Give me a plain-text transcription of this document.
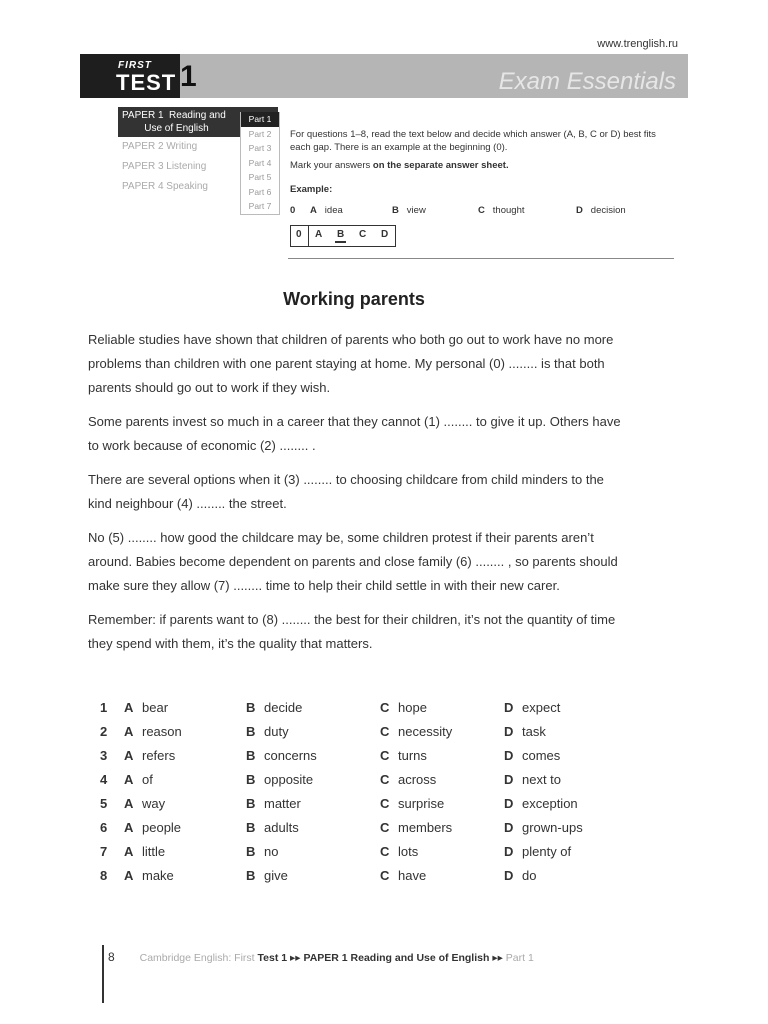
www.trenglish.ru
FIRST
TEST 1	Exam Essentials
PAPER 1  Reading and
Use of English
PAPER 2 Writing
PAPER 3 Listening
PAPER 4 Speaking
Part 1
Part 2
Part 3
Part 4
Part 5
Part 6
Part 7

For questions 1–8, read the text below and decide which answer (A, B, C or D) best fits each gap. There is an example at the beginning (0).

Mark your answers on the separate answer sheet.

Example:
0 A idea	B view	C thought	D decision
0 A B C D
Working parents

Reliable studies have shown that children of parents who both go out to work have no more problems than children with one parent staying at home. My personal (0) ........ is that both parents should go out to work if they wish.

Some parents invest so much in a career that they cannot (1) ........ to give it up. Others have to work because of economic (2) ........ .

There are several options when it (3) ........ to choosing childcare from child minders to the kind neighbour (4) ........ the street.

No (5) ........ how good the childcare may be, some children protest if their parents aren’t around. Babies become dependent on parents and close family (6) ........ , so parents should make sure they allow (7) ........ time to help their child settle in with their new carer.

Remember: if parents want to (8) ........ the best for their children, it’s not the quantity of time they spend with them, it’s the quality that matters.

1 A bear	B decide	C hope	D expect
2 A reason	B duty	C necessity	D task
3 A refers	B concerns	C turns	D comes
4 A of	B opposite	C across	D next to
5 A way	B matter	C surprise	D exception
6 A people	B adults	C members	D grown-ups
7 A little	B no	C lots	D plenty of
8 A make	B give	C have	D do
8 Cambridge English: First Test 1 ▸▸ PAPER 1 Reading and Use of English ▸▸ Part 1
